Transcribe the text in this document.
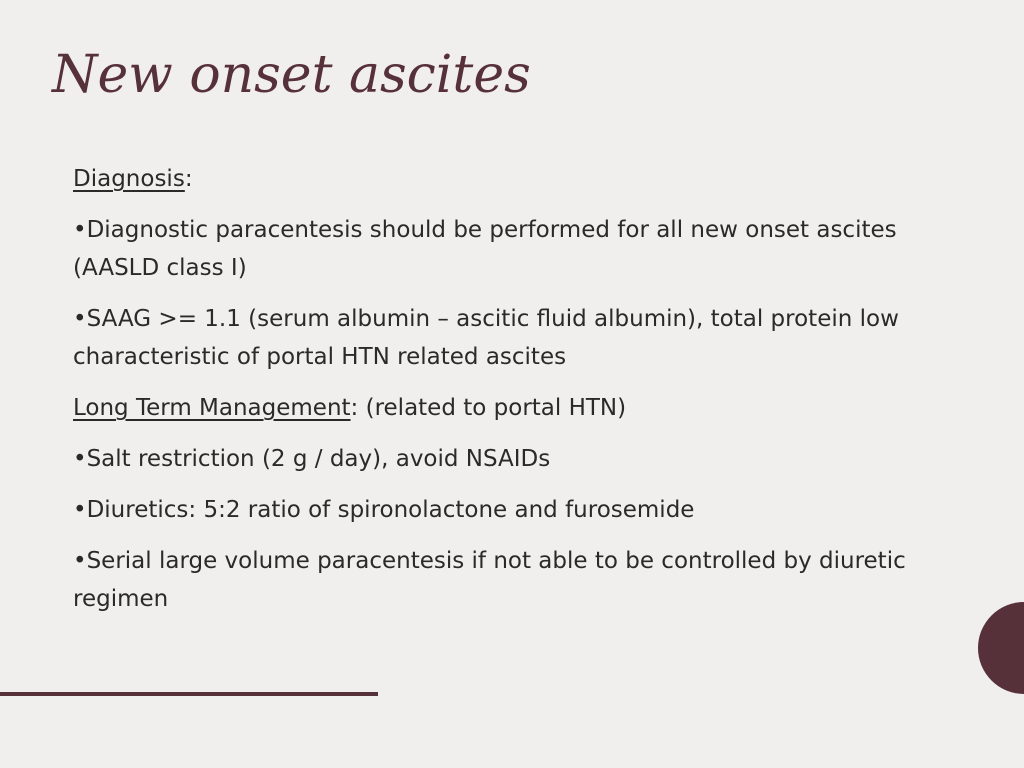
New onset ascites

Diagnosis:

•Diagnostic paracentesis should be performed for all new onset ascites (AASLD class I)

•SAAG >= 1.1 (serum albumin – ascitic fluid albumin), total protein low characteristic of portal HTN related ascites

Long Term Management: (related to portal HTN)

•Salt restriction (2 g / day), avoid NSAIDs

•Diuretics: 5:2 ratio of spironolactone and furosemide

•Serial large volume paracentesis if not able to be controlled by diuretic regimen
